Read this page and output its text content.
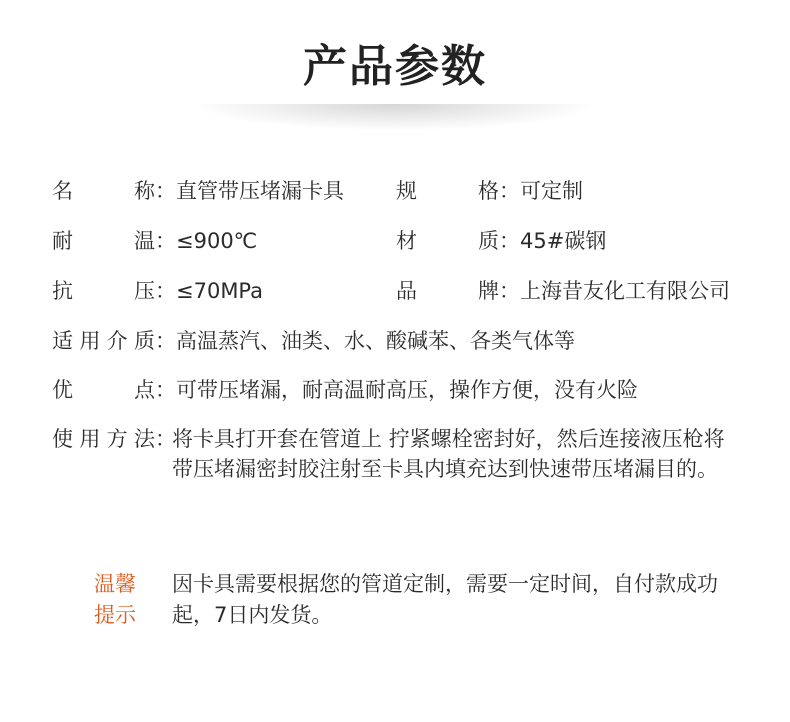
产品参数
名称：直管带压堵漏卡具 规格：可定制
耐温：≤900℃	材质：45#碳钢
抗压：≤70MPa	品牌：上海昔友化工有限公司
适用介质：高温蒸汽、油类、水、酸碱苯、各类气体等
优点：可带压堵漏，耐高温耐高压，操作方便，没有火险
使用方法：
将卡具打开套在管道上 拧紧螺栓密封好，然后连接液压枪将带压堵漏密封胶注射至卡具内填充达到快速带压堵漏目的。
温馨提示
因卡具需要根据您的管道定制，需要一定时间，自付款成功起，7日内发货。
